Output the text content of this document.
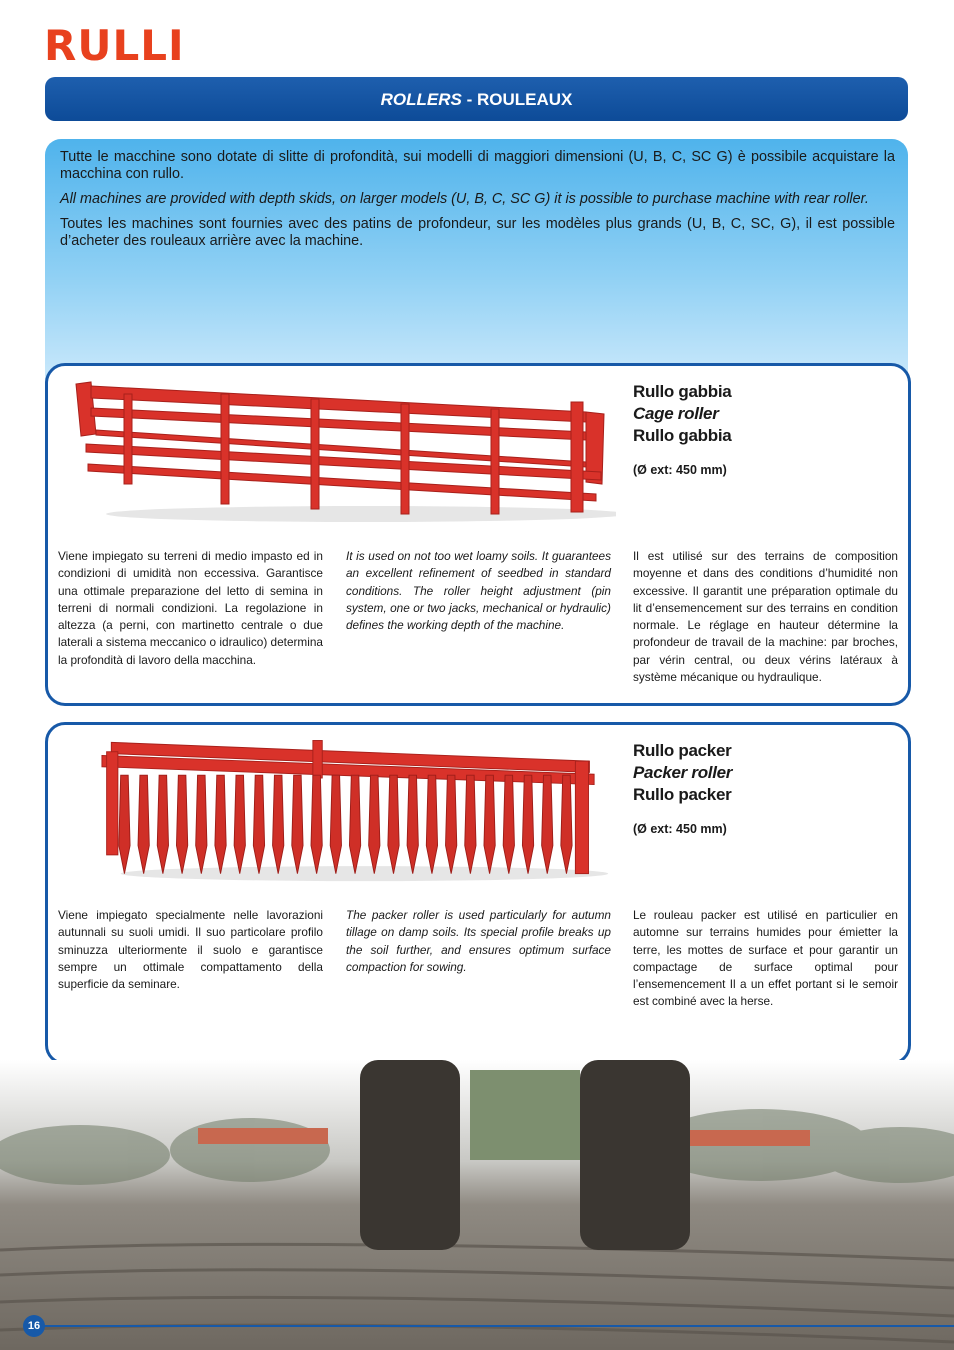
RULLI
ROLLERS - ROULEAUX

Tutte le macchine sono dotate di slitte di profondità, sui modelli di maggiori dimensioni (U, B, C, SC G) è possibile acquistare la macchina con rullo.

All machines are provided with depth skids, on larger models (U, B, C, SC G) it is possible to purchase machine with rear roller.

Toutes les machines sont fournies avec des patins de profondeur, sur les modèles plus grands (U, B, C, SC, G), il est possible d’acheter des rouleaux arrière avec la machine.

Rullo gabbia
Cage roller
Rullo gabbia
(Ø ext: 450 mm)
Viene impiegato su terreni di medio impasto ed in condizioni di umidità non eccessiva. Garantisce una ottimale preparazione del letto di semina in terreni di normali condizioni. La regolazione in altezza (a perni, con martinetto centrale o due laterali a sistema meccanico o idraulico) determina la profondità di lavoro della macchina.
It is used on not too wet loamy soils. It guarantees an excellent refinement of seedbed in standard conditions. The roller height adjustment (pin system, one or two jacks, mechanical or hydraulic) defines the working depth of the machine.
Il est utilisé sur des terrains de composition moyenne et dans des conditions d’humidité non excessive. Il garantit une préparation optimale du lit d’ensemencement sur des terrains en condition normale. Le réglage en hauteur détermine la profondeur de travail de la machine: par broches, par vérin central, ou deux vérins latéraux à système mécanique ou hydraulique.
Rullo packer
Packer roller
Rullo packer
(Ø ext: 450 mm)
Viene impiegato specialmente nelle lavorazioni autunnali su suoli umidi. Il suo particolare profilo sminuzza ulteriormente il suolo e garantisce sempre un ottimale compattamento della superficie da seminare.
The packer roller is used particularly for autumn tillage on damp soils. Its special profile breaks up the soil further, and ensures optimum surface compaction for sowing.
Le rouleau packer est utilisé en particulier en automne sur terrains humides pour émietter la terre, les mottes de surface et pour garantir un compactage de surface optimal pour l’ensemencement Il a un effet portant si le semoir est combiné avec la herse.
16
